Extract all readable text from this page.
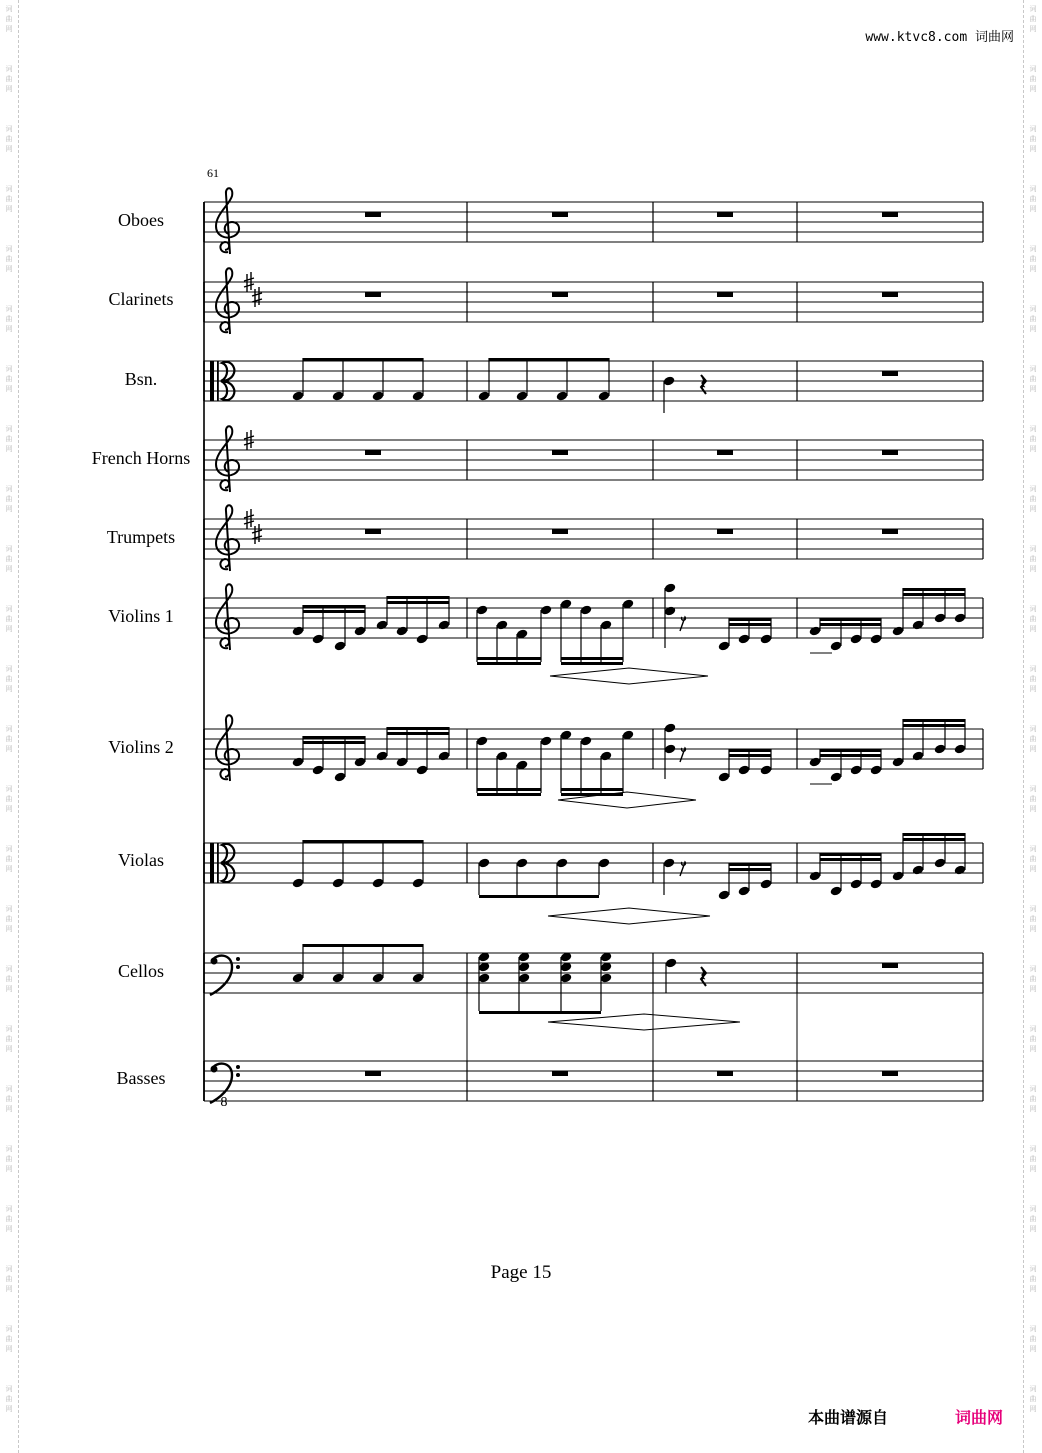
词
曲
网
词
曲
网
词
曲
网
词
曲
网
词
曲
网
词
曲
网
词
曲
网
词
曲
网
词
曲
网
词
曲
网
词
曲
网
词
曲
网
词
曲
网
词
曲
网
词
曲
网
词
曲
网
词
曲
网
词
曲
网
词
曲
网
词
曲
网
词
曲
网
词
曲
网
词
曲
网
词
曲
网
词
曲
网
词
曲
网
词
曲
网
词
曲
网
词
曲
网
词
曲
网
词
曲
网
词
曲
网
词
曲
网
词
曲
网
词
曲
网
词
曲
网
词
曲
网
词
曲
网
词
曲
网
词
曲
网
词
曲
网
词
曲
网
词
曲
网
词
曲
网
词
曲
网
词
曲
网
词
曲
网
词
曲
网
www.ktvc8.com 词曲网
61
Oboes
Clarinets
Bsn.
French Horns
Trumpets
Violins 1
Violins 2
Violas
Cellos
Basses
8
𝄽
𝄽
Page 15
本曲谱源自	词曲网
